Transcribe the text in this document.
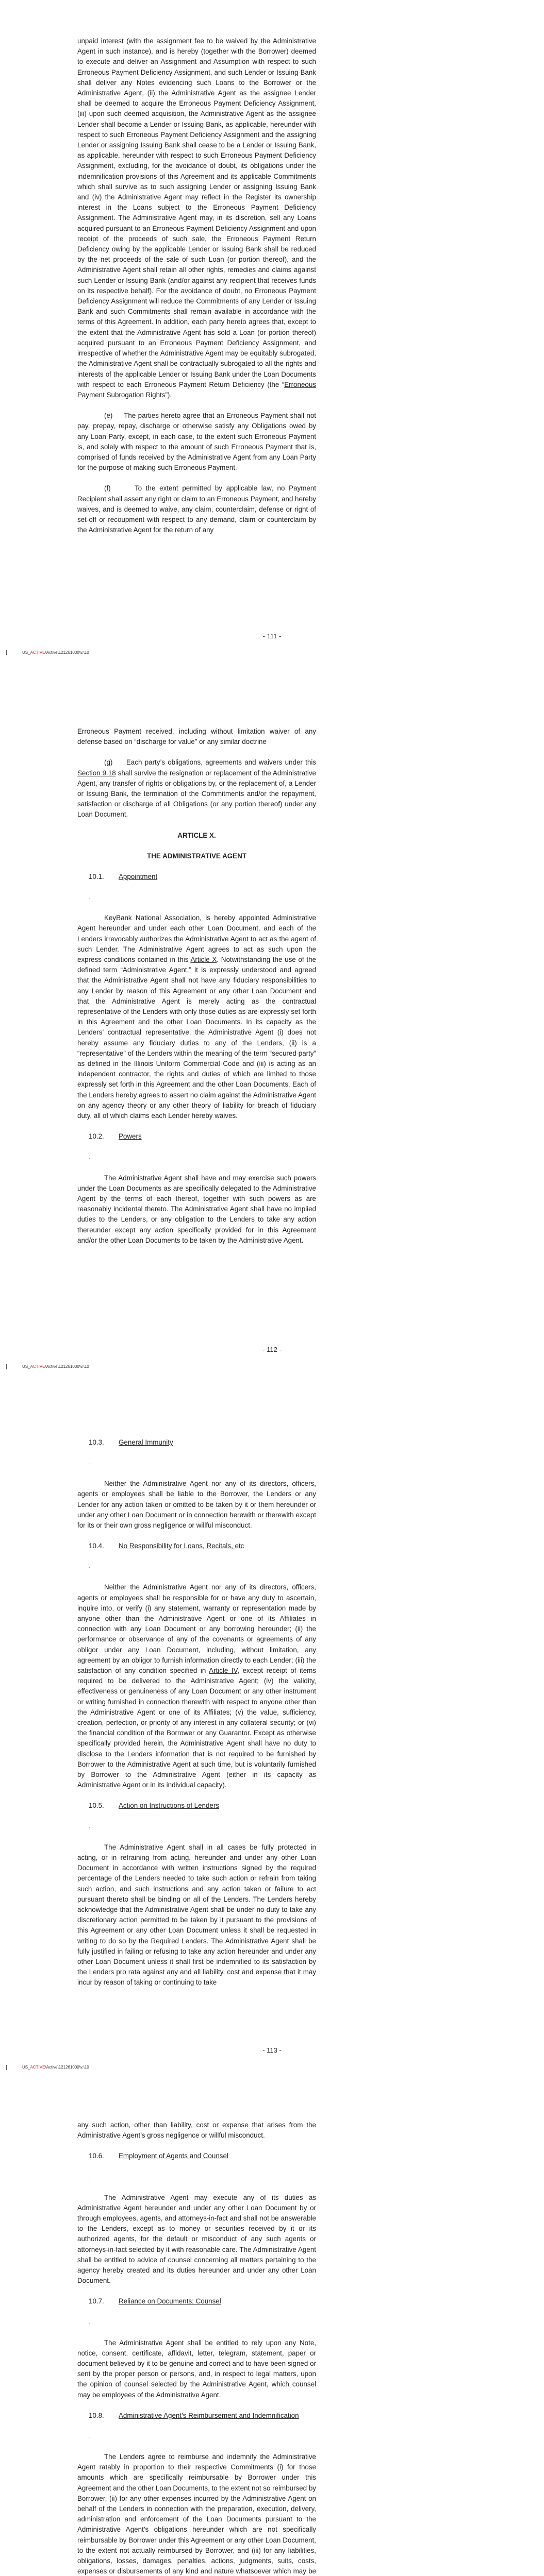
unpaid interest (with the assignment fee to be waived by the Administrative Agent in such instance), and is hereby (together with the Borrower) deemed to execute and deliver an Assignment and Assumption with respect to such Erroneous Payment Deficiency Assignment, and such Lender or Issuing Bank shall deliver any Notes evidencing such Loans to the Borrower or the Administrative Agent, (ii) the Administrative Agent as the assignee Lender shall be deemed to acquire the Erroneous Payment Deficiency Assignment, (iii) upon such deemed acquisition, the Administrative Agent as the assignee Lender shall become a Lender or Issuing Bank, as applicable, hereunder with respect to such Erroneous Payment Deficiency Assignment and the assigning Lender or assigning Issuing Bank shall cease to be a Lender or Issuing Bank, as applicable, hereunder with respect to such Erroneous Payment Deficiency Assignment, excluding, for the avoidance of doubt, its obligations under the indemnification provisions of this Agreement and its applicable Commitments which shall survive as to such assigning Lender or assigning Issuing Bank and (iv) the Administrative Agent may reflect in the Register its ownership interest in the Loans subject to the Erroneous Payment Deficiency Assignment. The Administrative Agent may, in its discretion, sell any Loans acquired pursuant to an Erroneous Payment Deficiency Assignment and upon receipt of the proceeds of such sale, the Erroneous Payment Return Deficiency owing by the applicable Lender or Issuing Bank shall be reduced by the net proceeds of the sale of such Loan (or portion thereof), and the Administrative Agent shall retain all other rights, remedies and claims against such Lender or Issuing Bank (and/or against any recipient that receives funds on its respective behalf). For the avoidance of doubt, no Erroneous Payment Deficiency Assignment will reduce the Commitments of any Lender or Issuing Bank and such Commitments shall remain available in accordance with the terms of this Agreement. In addition, each party hereto agrees that, except to the extent that the Administrative Agent has sold a Loan (or portion thereof) acquired pursuant to an Erroneous Payment Deficiency Assignment, and irrespective of whether the Administrative Agent may be equitably subrogated, the Administrative Agent shall be contractually subrogated to all the rights and interests of the applicable Lender or Issuing Bank under the Loan Documents with respect to each Erroneous Payment Return Deficiency (the “Erroneous Payment Subrogation Rights”).

(e)     The parties hereto agree that an Erroneous Payment shall not pay, prepay, repay, discharge or otherwise satisfy any Obligations owed by any Loan Party, except, in each case, to the extent such Erroneous Payment is, and solely with respect to the amount of such Erroneous Payment that is, comprised of funds received by the Administrative Agent from any Loan Party for the purpose of making such Erroneous Payment.

(f)      To the extent permitted by applicable law, no Payment Recipient shall assert any right or claim to an Erroneous Payment, and hereby waives, and is deemed to waive, any claim, counterclaim, defense or right of set-off or recoupment with respect to any demand, claim or counterclaim by the Administrative Agent for the return of any

- 111 -
US_ACTIVE\Active\121261000\v.\10

Erroneous Payment received, including without limitation waiver of any defense based on “discharge for value” or any similar doctrine

(g)     Each party’s obligations, agreements and waivers under this Section 9.18 shall survive the resignation or replacement of the Administrative Agent, any transfer of rights or obligations by, or the replacement of, a Lender or Issuing Bank, the termination of the Commitments and/or the repayment, satisfaction or discharge of all Obligations (or any portion thereof) under any Loan Document.

ARTICLE X.

THE ADMINISTRATIVE AGENT

10.1. Appointment

.

KeyBank National Association, is hereby appointed Administrative Agent hereunder and under each other Loan Document, and each of the Lenders irrevocably authorizes the Administrative Agent to act as the agent of such Lender. The Administrative Agent agrees to act as such upon the express conditions contained in this Article X. Notwithstanding the use of the defined term “Administrative Agent,” it is expressly understood and agreed that the Administrative Agent shall not have any fiduciary responsibilities to any Lender by reason of this Agreement or any other Loan Document and that the Administrative Agent is merely acting as the contractual representative of the Lenders with only those duties as are expressly set forth in this Agreement and the other Loan Documents. In its capacity as the Lenders’ contractual representative, the Administrative Agent (i) does not hereby assume any fiduciary duties to any of the Lenders, (ii) is a “representative” of the Lenders within the meaning of the term “secured party” as defined in the Illinois Uniform Commercial Code and (iii) is acting as an independent contractor, the rights and duties of which are limited to those expressly set forth in this Agreement and the other Loan Documents. Each of the Lenders hereby agrees to assert no claim against the Administrative Agent on any agency theory or any other theory of liability for breach of fiduciary duty, all of which claims each Lender hereby waives.

10.2. Powers

.

The Administrative Agent shall have and may exercise such powers under the Loan Documents as are specifically delegated to the Administrative Agent by the terms of each thereof, together with such powers as are reasonably incidental thereto. The Administrative Agent shall have no implied duties to the Lenders, or any obligation to the Lenders to take any action thereunder except any action specifically provided for in this Agreement and/or the other Loan Documents to be taken by the Administrative Agent.

- 112 -
US_ACTIVE\Active\121261000\v.\10

10.3. General Immunity

.

Neither the Administrative Agent nor any of its directors, officers, agents or employees shall be liable to the Borrower, the Lenders or any Lender for any action taken or omitted to be taken by it or them hereunder or under any other Loan Document or in connection herewith or therewith except for its or their own gross negligence or willful misconduct.

10.4. No Responsibility for Loans, Recitals, etc

.

Neither the Administrative Agent nor any of its directors, officers, agents or employees shall be responsible for or have any duty to ascertain, inquire into, or verify (i) any statement, warranty or representation made by anyone other than the Administrative Agent or one of its Affiliates in connection with any Loan Document or any borrowing hereunder; (ii) the performance or observance of any of the covenants or agreements of any obligor under any Loan Document, including, without limitation, any agreement by an obligor to furnish information directly to each Lender; (iii) the satisfaction of any condition specified in Article IV, except receipt of items required to be delivered to the Administrative Agent; (iv) the validity, effectiveness or genuineness of any Loan Document or any other instrument or writing furnished in connection therewith with respect to anyone other than the Administrative Agent or one of its Affiliates; (v) the value, sufficiency, creation, perfection, or priority of any interest in any collateral security; or (vi) the financial condition of the Borrower or any Guarantor. Except as otherwise specifically provided herein, the Administrative Agent shall have no duty to disclose to the Lenders information that is not required to be furnished by Borrower to the Administrative Agent at such time, but is voluntarily furnished by Borrower to the Administrative Agent (either in its capacity as Administrative Agent or in its individual capacity).

10.5. Action on Instructions of Lenders

.

The Administrative Agent shall in all cases be fully protected in acting, or in refraining from acting, hereunder and under any other Loan Document in accordance with written instructions signed by the required percentage of the Lenders needed to take such action or refrain from taking such action, and such instructions and any action taken or failure to act pursuant thereto shall be binding on all of the Lenders. The Lenders hereby acknowledge that the Administrative Agent shall be under no duty to take any discretionary action permitted to be taken by it pursuant to the provisions of this Agreement or any other Loan Document unless it shall be requested in writing to do so by the Required Lenders. The Administrative Agent shall be fully justified in failing or refusing to take any action hereunder and under any other Loan Document unless it shall first be indemnified to its satisfaction by the Lenders pro rata against any and all liability, cost and expense that it may incur by reason of taking or continuing to take

- 113 -
US_ACTIVE\Active\121261000\v.\10

any such action, other than liability, cost or expense that arises from the Administrative Agent’s gross negligence or willful misconduct.

10.6. Employment of Agents and Counsel

.

The Administrative Agent may execute any of its duties as Administrative Agent hereunder and under any other Loan Document by or through employees, agents, and attorneys-in-fact and shall not be answerable to the Lenders, except as to money or securities received by it or its authorized agents, for the default or misconduct of any such agents or attorneys-in-fact selected by it with reasonable care. The Administrative Agent shall be entitled to advice of counsel concerning all matters pertaining to the agency hereby created and its duties hereunder and under any other Loan Document.

10.7. Reliance on Documents; Counsel

.

The Administrative Agent shall be entitled to rely upon any Note, notice, consent, certificate, affidavit, letter, telegram, statement, paper or document believed by it to be genuine and correct and to have been signed or sent by the proper person or persons, and, in respect to legal matters, upon the opinion of counsel selected by the Administrative Agent, which counsel may be employees of the Administrative Agent.

10.8. Administrative Agent’s Reimbursement and Indemnification

.

The Lenders agree to reimburse and indemnify the Administrative Agent ratably in proportion to their respective Commitments (i) for those amounts which are specifically reimbursable by Borrower under this Agreement and the other Loan Documents, to the extent not so reimbursed by Borrower, (ii) for any other expenses incurred by the Administrative Agent on behalf of the Lenders in connection with the preparation, execution, delivery, administration and enforcement of the Loan Documents pursuant to the Administrative Agent’s obligations hereunder which are not specifically reimbursable by Borrower under this Agreement or any other Loan Document, to the extent not actually reimbursed by Borrower, and (iii) for any liabilities, obligations, losses, damages, penalties, actions, judgments, suits, costs, expenses or disbursements of any kind and nature whatsoever which may be
